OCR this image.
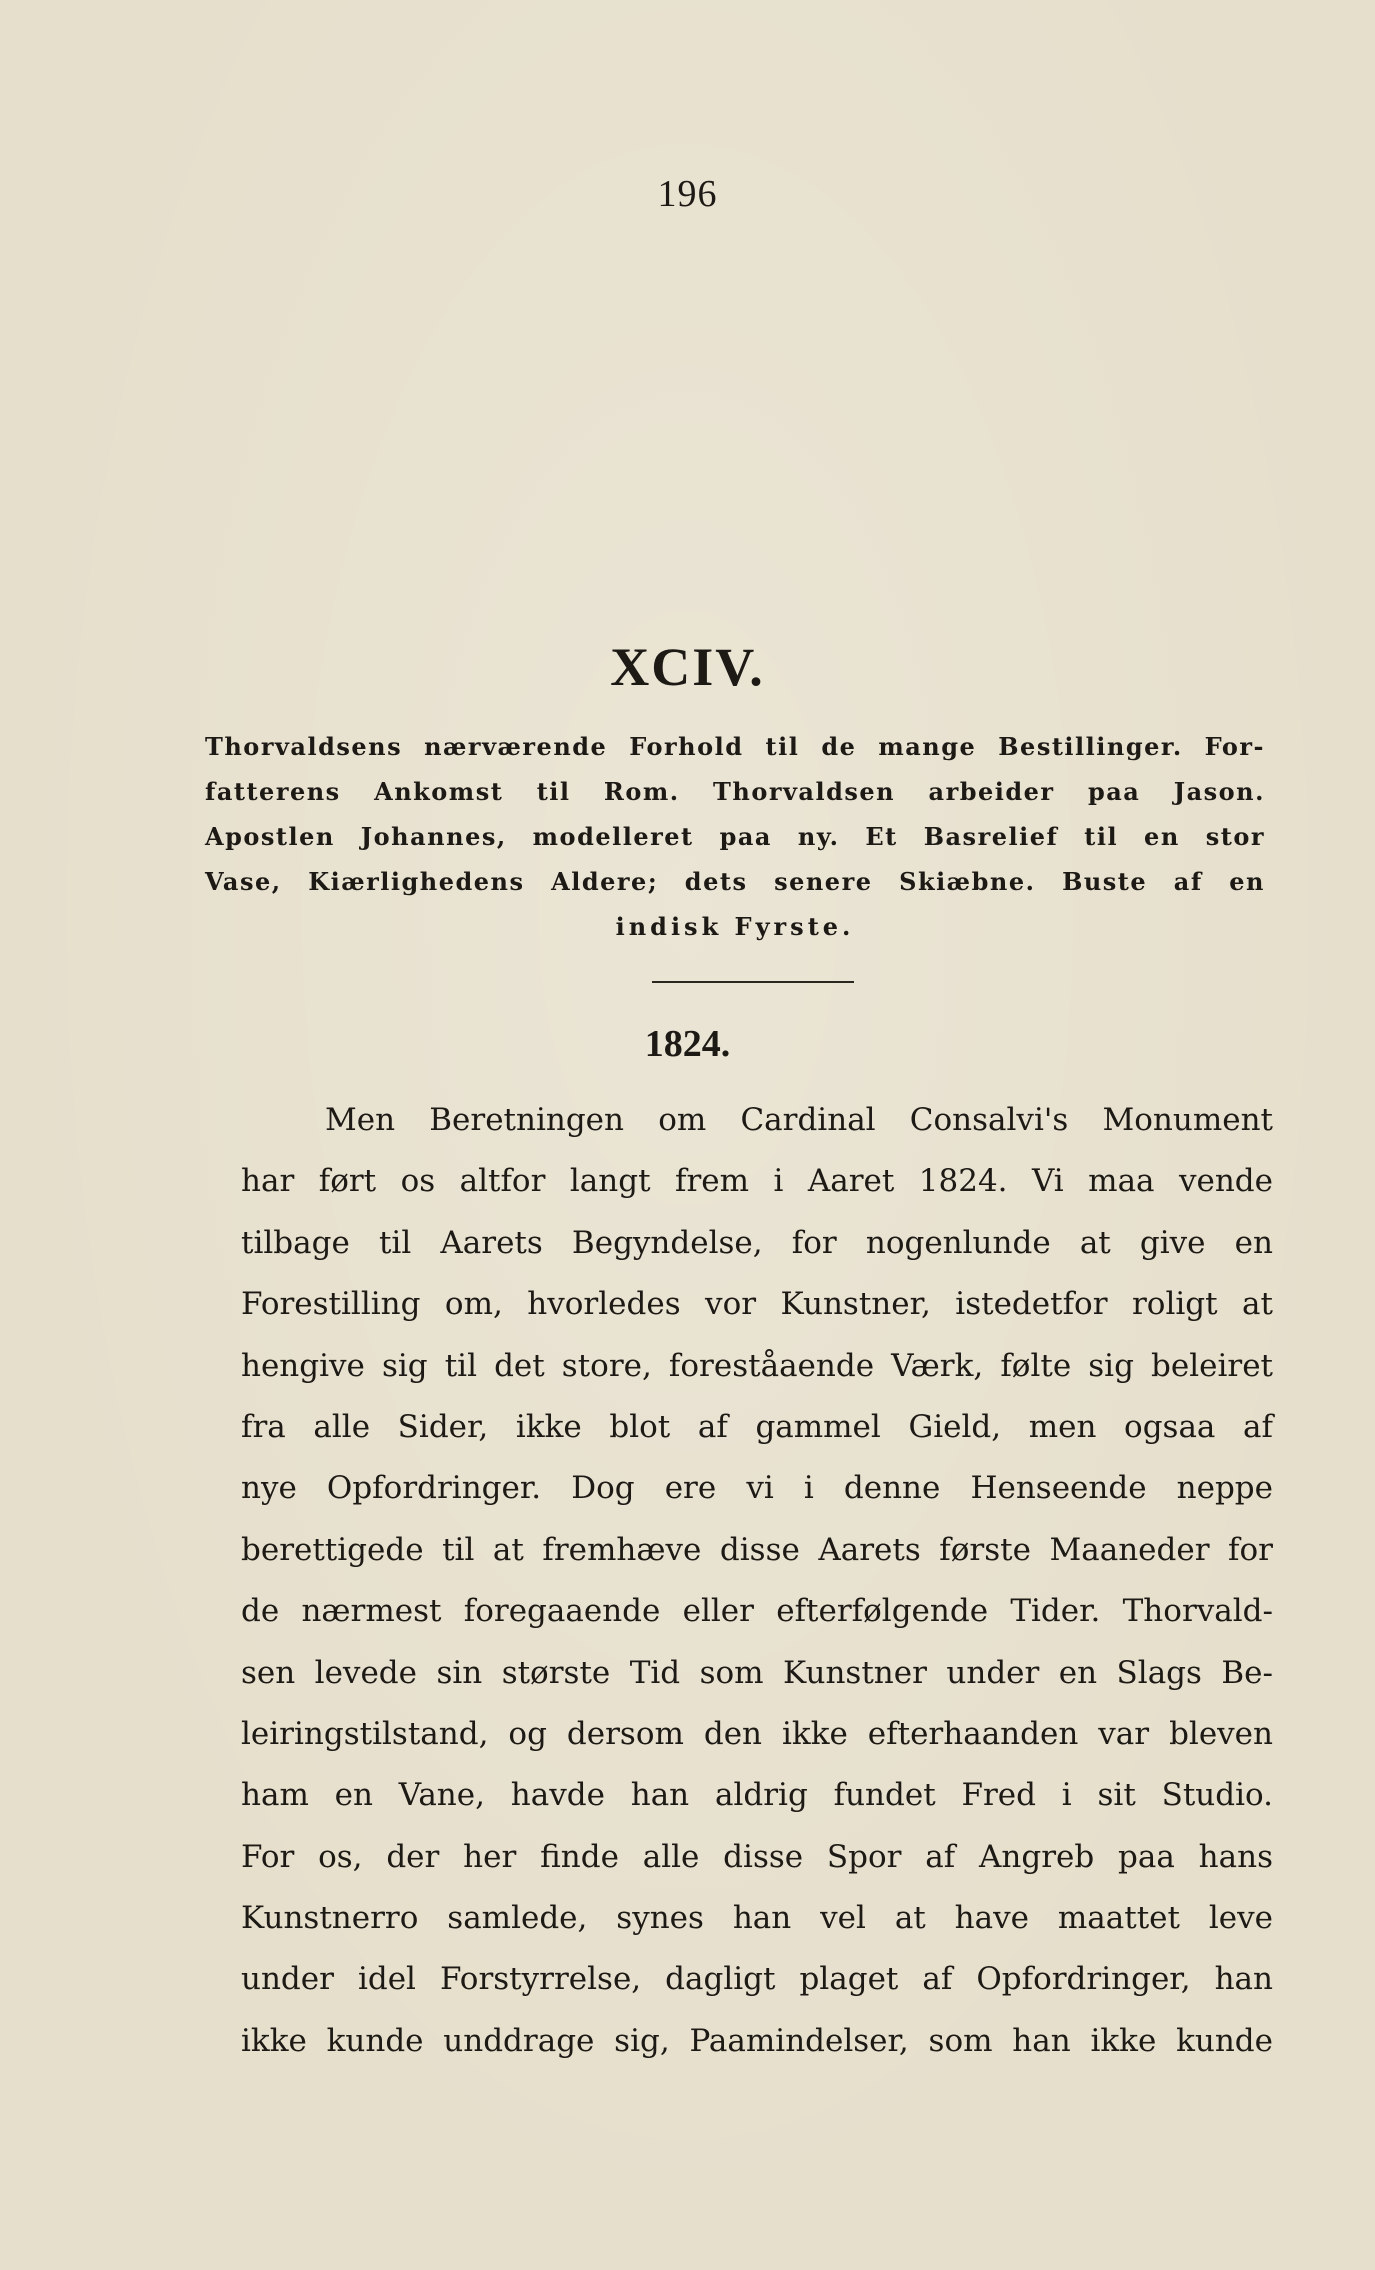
196
XCIV.
Thorvaldsens nærværende Forhold til de mange Bestillinger. For-
fatterens Ankomst til Rom. Thorvaldsen arbeider paa Jason.
Apostlen Johannes, modelleret paa ny. Et Basrelief til en stor
Vase, Kiærlighedens Aldere; dets senere Skiæbne. Buste af en
indisk Fyrste.
1824.
Men Beretningen om Cardinal Consalvi's Monument
har ført os altfor langt frem i Aaret 1824. Vi maa vende
tilbage til Aarets Begyndelse, for nogenlunde at give en
Forestilling om, hvorledes vor Kunstner, istedetfor roligt at
hengive sig til det store, foreståaende Værk, følte sig beleiret
fra alle Sider, ikke blot af gammel Gield, men ogsaa af
nye Opfordringer. Dog ere vi i denne Henseende neppe
berettigede til at fremhæve disse Aarets første Maaneder for
de nærmest foregaaende eller efterfølgende Tider. Thorvald-
sen levede sin største Tid som Kunstner under en Slags Be-
leiringstilstand, og dersom den ikke efterhaanden var bleven
ham en Vane, havde han aldrig fundet Fred i sit Studio.
For os, der her finde alle disse Spor af Angreb paa hans
Kunstnerro samlede, synes han vel at have maattet leve
under idel Forstyrrelse, dagligt plaget af Opfordringer, han
ikke kunde unddrage sig, Paamindelser, som han ikke kunde
